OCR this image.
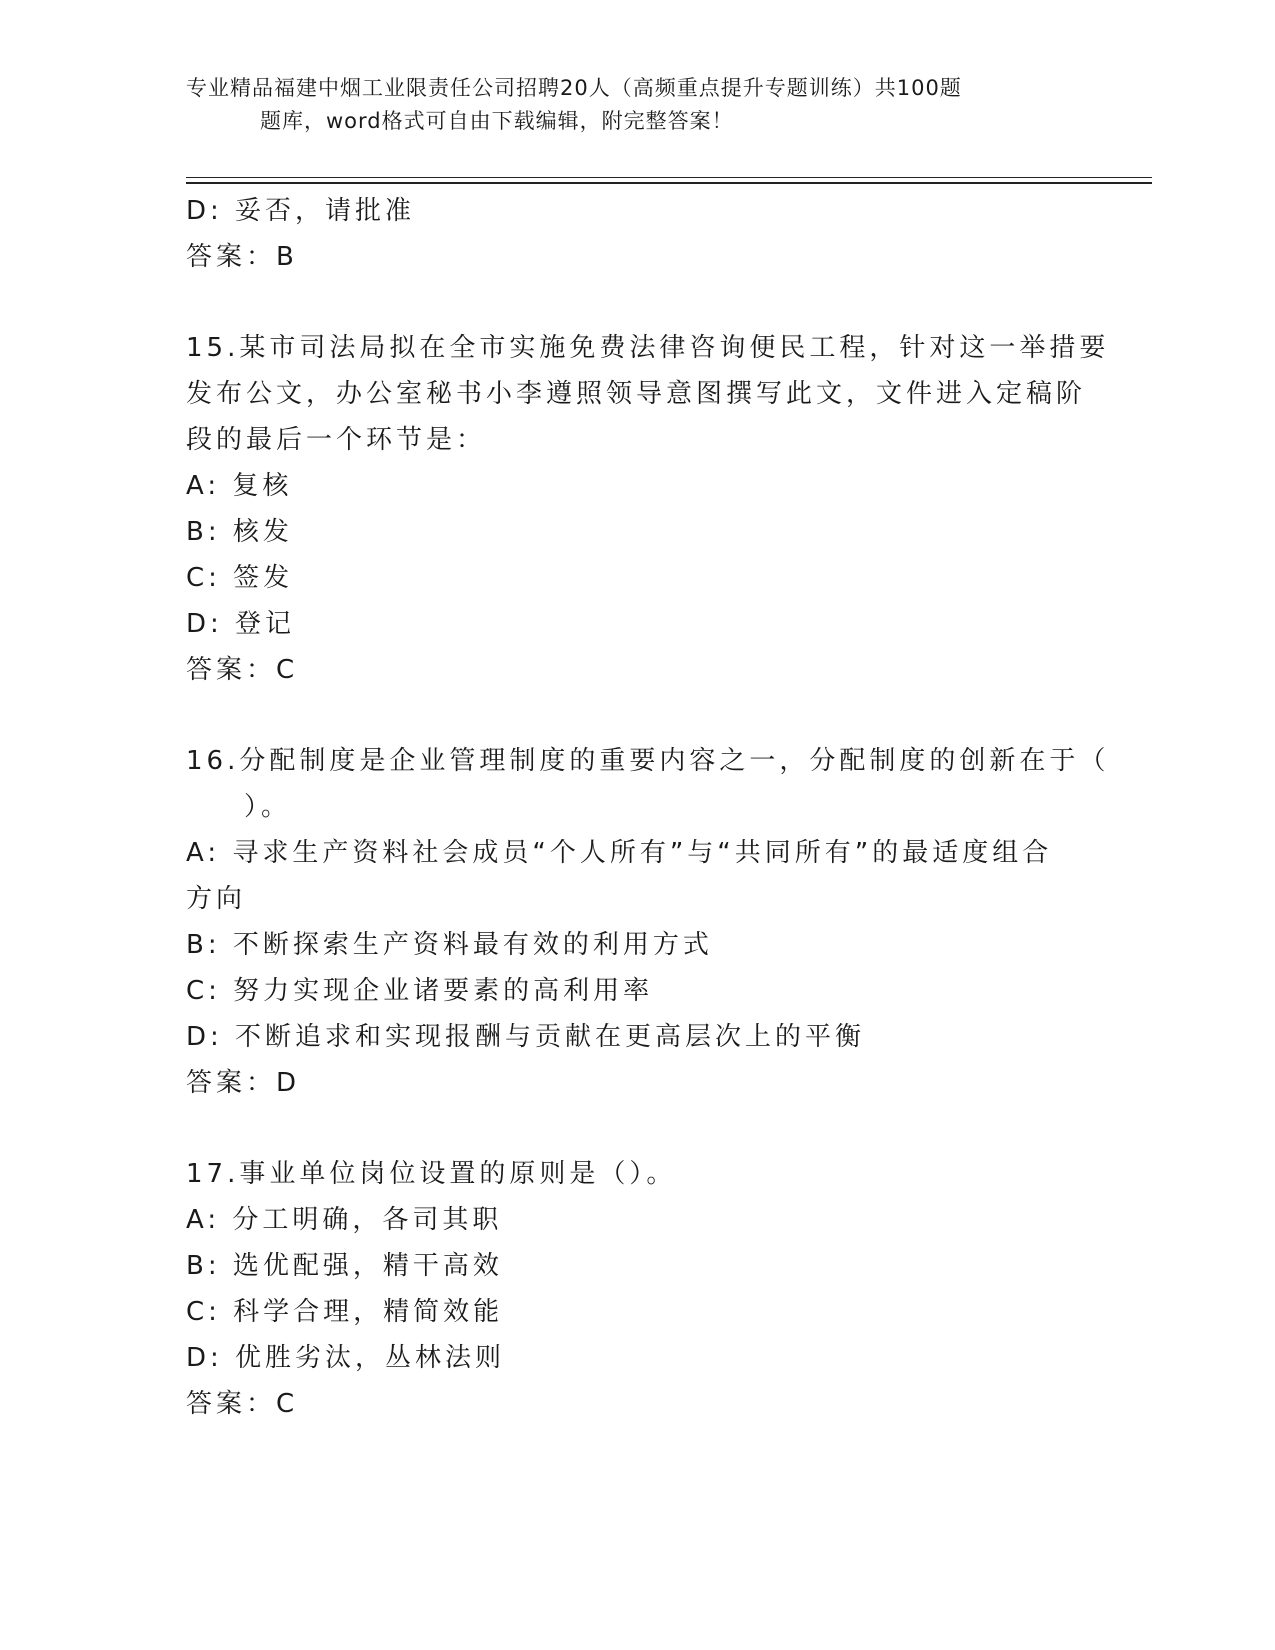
专业精品福建中烟工业限责任公司招聘20人（高频重点提升专题训练）共100题
题库，word格式可自由下载编辑，附完整答案！
D: 妥否，请批准
答案：B
15.某市司法局拟在全市实施免费法律咨询便民工程，针对这一举措要
发布公文，办公室秘书小李遵照领导意图撰写此文，文件进入定稿阶
段的最后一个环节是：
A: 复核
B: 核发
C: 签发
D: 登记
答案：C
16.分配制度是企业管理制度的重要内容之一，分配制度的创新在于（
）。
A: 寻求生产资料社会成员“个人所有”与“共同所有”的最适度组合
方向
B: 不断探索生产资料最有效的利用方式
C: 努力实现企业诸要素的高利用率
D: 不断追求和实现报酬与贡献在更高层次上的平衡
答案：D
17.事业单位岗位设置的原则是（）。
A: 分工明确，各司其职
B: 选优配强，精干高效
C: 科学合理，精简效能
D: 优胜劣汰，丛林法则
答案：C
